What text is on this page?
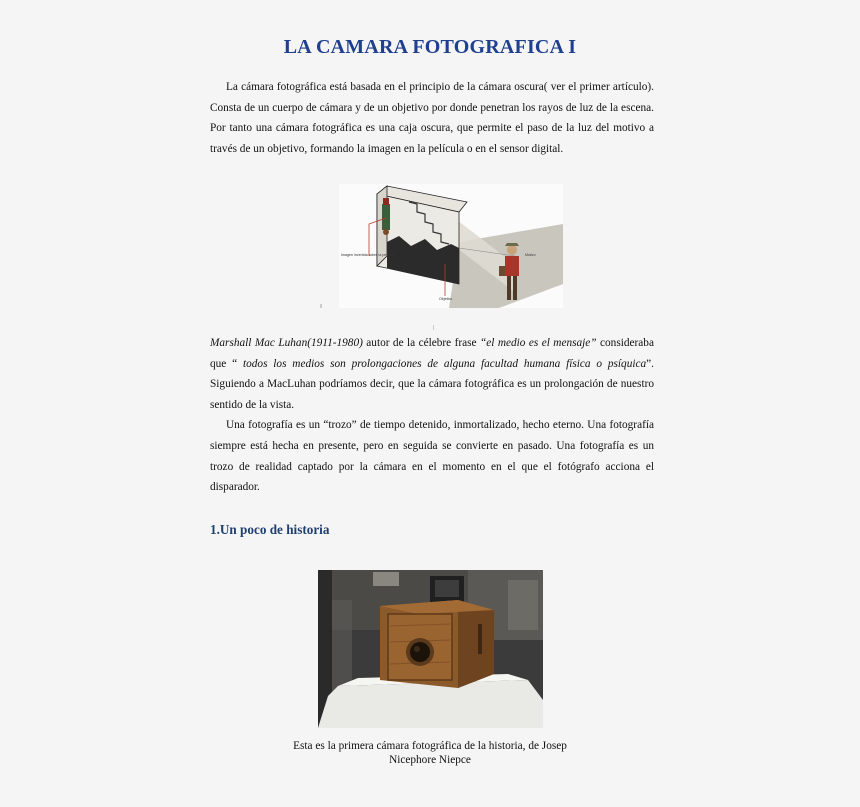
LA CAMARA FOTOGRAFICA I
La cámara fotográfica está basada en el principio de la cámara oscura( ver el primer artículo). Consta de un cuerpo de cámara y de un objetivo por donde penetran los rayos de luz de la escena. Por tanto una cámara fotográfica es una caja oscura, que permite el paso de la luz del motivo a través de un objetivo, formando la imagen en la película o en el sensor digital.
Imagen invertida sobre la película	Motivo
Objetivo
Marshall Mac Luhan(1911-1980) autor de la célebre frase “el medio es el mensaje” consideraba que “ todos los medios son prolongaciones de alguna facultad humana física o psíquica”. Siguiendo a MacLuhan podríamos decir, que la cámara fotográfica es un prolongación de nuestro sentido de la vista.
Una fotografía es un “trozo” de tiempo detenido, inmortalizado, hecho eterno. Una fotografía siempre está hecha en presente, pero en seguida se convierte en pasado. Una fotografía es un trozo de realidad captado por la cámara en el momento en el que el fotógrafo acciona el disparador.
1.Un poco de historia
Esta es la primera cámara fotográfica de la historia, de Josep
Nicephore Niepce
